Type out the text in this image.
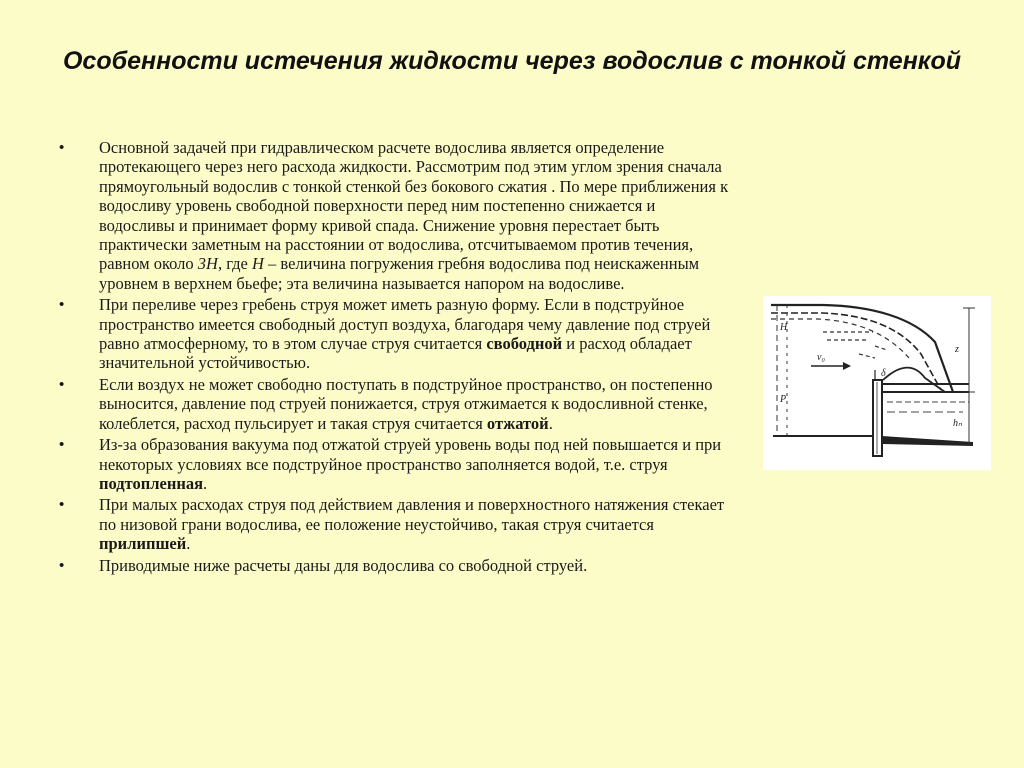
Особенности истечения жидкости через водослив с тонкой стенкой
• Основной задачей при гидравлическом расчете водослива является определение протекающего через него расхода жидкости. Рассмотрим под этим углом зрения сначала прямоугольный водослив с тонкой стенкой без бокового сжатия . По мере приближения к водосливу уровень свободной поверхности перед ним постепенно снижается и водосливы и принимает форму кривой спада. Снижение уровня перестает быть практически заметным на расстоянии от водослива, отсчитываемом против течения, равном около 3H, где H – величина погружения гребня водослива под неискаженным уровнем в верхнем бьефе; эта величина называется напором на водосливе.
• При переливе через гребень струя может иметь разную форму. Если в подструйное пространство имеется свободный доступ воздуха, благодаря чему давление под струей равно атмосферному, то в этом случае струя считается свободной и расход обладает значительной устойчивостью.
• Если воздух не может свободно поступать в подструйное пространство, он постепенно выносится, давление под струей понижается, струя отжимается к водосливной стенке, колеблется, расход пульсирует и такая струя считается отжатой.
• Из-за образования вакуума под отжатой струей уровень воды под ней повышается и при некоторых условиях все подструйное пространство заполняется водой, т.е. струя подтопленная.
• При малых расходах струя под действием давления и поверхностного натяжения стекает по низовой грани водослива, ее положение неустойчиво, такая струя считается прилипшей.
• Приводимые ниже расчеты даны для водослива со свободной струей.
v₀
H
P
δ
z
hₙ
